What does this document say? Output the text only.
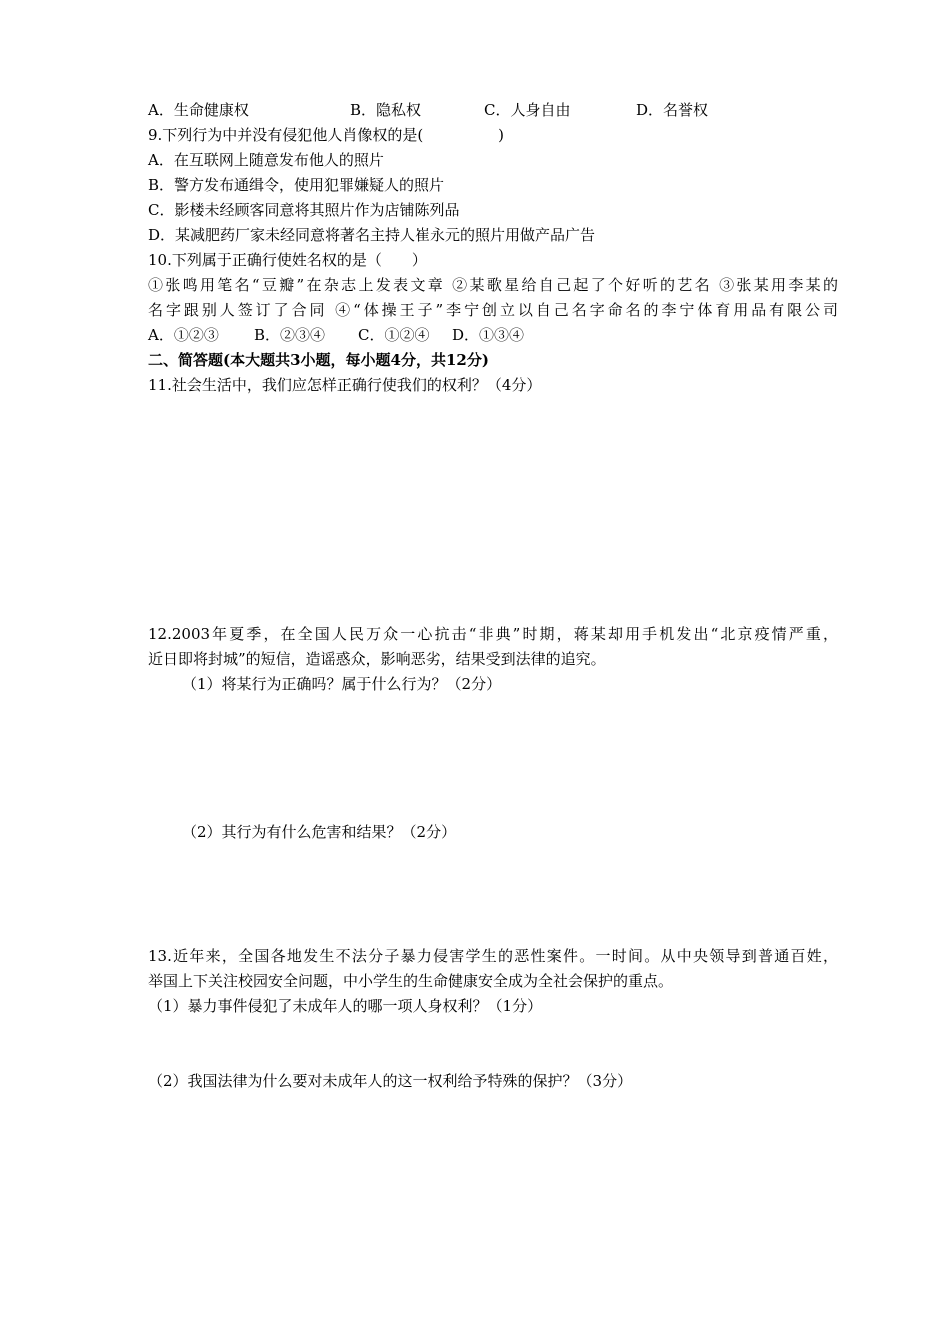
A．生命健康权	B．隐私权	C．人身自由	D．名誉权
9.下列行为中并没有侵犯他人肖像权的是(　　　　　)
A．在互联网上随意发布他人的照片
B．警方发布通缉令，使用犯罪嫌疑人的照片
C．影楼未经顾客同意将其照片作为店铺陈列品
D．某减肥药厂家未经同意将著名主持人崔永元的照片用做产品广告
10.下列属于正确行使姓名权的是（　　）
①张鸣用笔名“豆瓣”在杂志上发表文章 ②某歌星给自己起了个好听的艺名 ③张某用李某的
名字跟别人签订了合同 ④“体操王子”李宁创立以自己名字命名的李宁体育用品有限公司
A．①②③ B．②③④ C．①②④ D．①③④
二、简答题(本大题共3小题，每小题4分，共12分)
11.社会生活中，我们应怎样正确行使我们的权利？（4分）
12.2003年夏季，在全国人民万众一心抗击“非典”时期，蒋某却用手机发出“北京疫情严重，
近日即将封城”的短信，造谣惑众，影响恶劣，结果受到法律的追究。
（1）将某行为正确吗？属于什么行为？（2分）
（2）其行为有什么危害和结果？（2分）
13.近年来，全国各地发生不法分子暴力侵害学生的恶性案件。一时间。从中央领导到普通百姓，
举国上下关注校园安全问题，中小学生的生命健康安全成为全社会保护的重点。
（1）暴力事件侵犯了未成年人的哪一项人身权利？（1分）
（2）我国法律为什么要对未成年人的这一权利给予特殊的保护？（3分）
